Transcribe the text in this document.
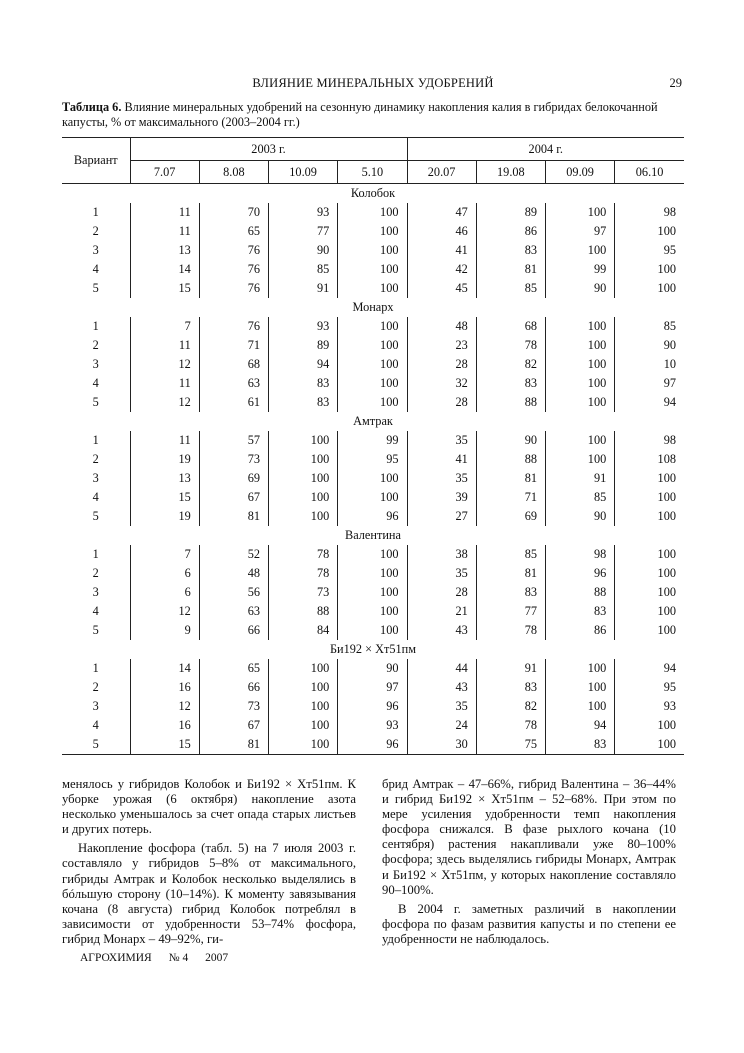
ВЛИЯНИЕ МИНЕРАЛЬНЫХ УДОБРЕНИЙ	29
Таблица 6. Влияние минеральных удобрений на сезонную динамику накопления калия в гибридах белокочанной капусты, % от максимального (2003–2004 гг.)
Вариант	2003 г.				2004 г.			
	7.07	8.08	10.09	5.10	20.07	19.08	09.09	06.10
Колобок								
1	11	70	93	100	47	89	100	98
2	11	65	77	100	46	86	97	100
3	13	76	90	100	41	83	100	95
4	14	76	85	100	42	81	99	100
5	15	76	91	100	45	85	90	100
Монарх								
1	7	76	93	100	48	68	100	85
2	11	71	89	100	23	78	100	90
3	12	68	94	100	28	82	100	10
4	11	63	83	100	32	83	100	97
5	12	61	83	100	28	88	100	94
Амтрак								
1	11	57	100	99	35	90	100	98
2	19	73	100	95	41	88	100	108
3	13	69	100	100	35	81	91	100
4	15	67	100	100	39	71	85	100
5	19	81	100	96	27	69	90	100
Валентина								
1	7	52	78	100	38	85	98	100
2	6	48	78	100	35	81	96	100
3	6	56	73	100	28	83	88	100
4	12	63	88	100	21	77	83	100
5	9	66	84	100	43	78	86	100
Би192 × Хт51пм								
1	14	65	100	90	44	91	100	94
2	16	66	100	97	43	83	100	95
3	12	73	100	96	35	82	100	93
4	16	67	100	93	24	78	94	100
5	15	81	100	96	30	75	83	100

менялось у гибридов Колобок и Би192 × Хт51пм. К уборке урожая (6 октября) накопление азота несколько уменьшалось за счет опада старых листьев и других потерь.

Накопление фосфора (табл. 5) на 7 июля 2003 г. составляло у гибридов 5–8% от максимального, гибриды Амтрак и Колобок несколько выделялись в бóльшую сторону (10–14%). К моменту завязывания кочана (8 августа) гибрид Колобок потреблял в зависимости от удобренности 53–74% фосфора, гибрид Монарх – 49–92%, ги-

брид Амтрак – 47–66%, гибрид Валентина – 36–44% и гибрид Би192 × Хт51пм – 52–68%. При этом по мере усиления удобренности темп накопления фосфора снижался. В фазе рыхлого кочана (10 сентября) растения накапливали уже 80–100% фосфора; здесь выделялись гибриды Монарх, Амтрак и Би192 × Хт51пм, у которых накопление составляло 90–100%.

В 2004 г. заметных различий в накоплении фосфора по фазам развития капусты и по степени ее удобренности не наблюдалось.

АГРОХИМИЯ № 4 2007
